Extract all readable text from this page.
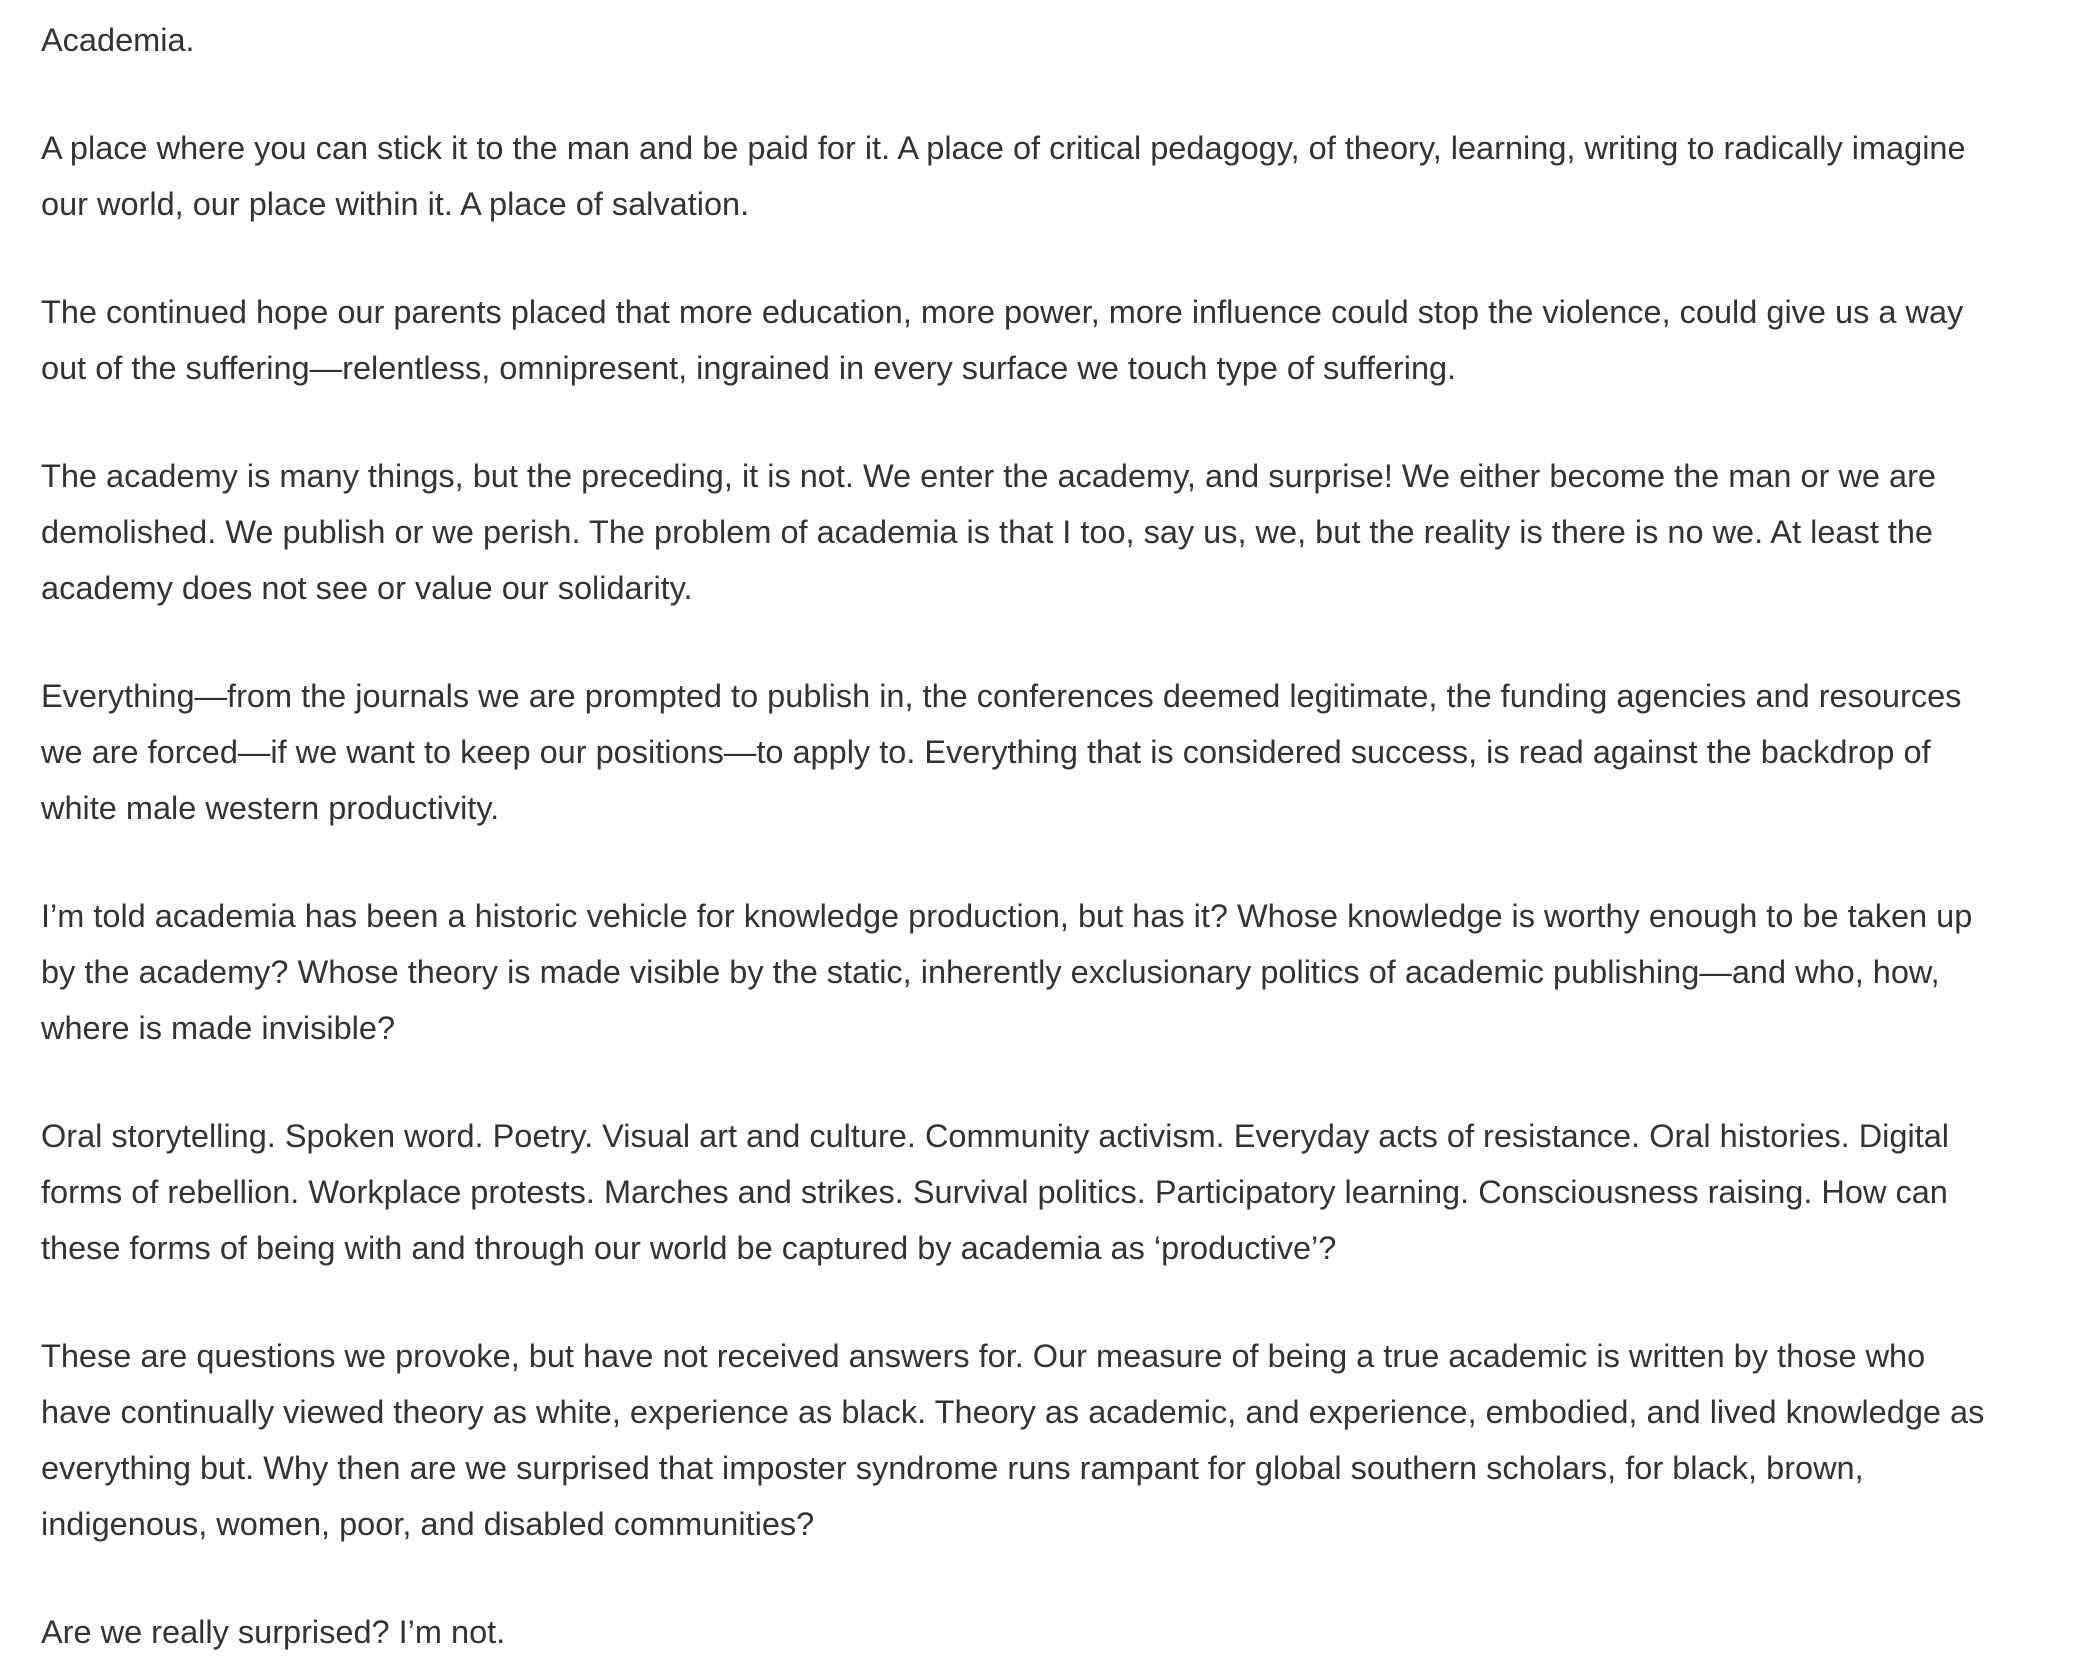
Academia.

A place where you can stick it to the man and be paid for it. A place of critical pedagogy, of theory, learning, writing to radically imagine our world, our place within it. A place of salvation.

The continued hope our parents placed that more education, more power, more influence could stop the violence, could give us a way out of the suffering—relentless, omnipresent, ingrained in every surface we touch type of suffering.

The academy is many things, but the preceding, it is not. We enter the academy, and surprise! We either become the man or we are demolished. We publish or we perish. The problem of academia is that I too, say us, we, but the reality is there is no we. At least the academy does not see or value our solidarity.

Everything—from the journals we are prompted to publish in, the conferences deemed legitimate, the funding agencies and resources we are forced—if we want to keep our positions—to apply to. Everything that is considered success, is read against the backdrop of white male western productivity.

I’m told academia has been a historic vehicle for knowledge production, but has it? Whose knowledge is worthy enough to be taken up by the academy? Whose theory is made visible by the static, inherently exclusionary politics of academic publishing—and who, how, where is made invisible?

Oral storytelling. Spoken word. Poetry. Visual art and culture. Community activism. Everyday acts of resistance. Oral histories. Digital forms of rebellion. Workplace protests. Marches and strikes. Survival politics. Participatory learning. Consciousness raising. How can these forms of being with and through our world be captured by academia as ‘productive’?

These are questions we provoke, but have not received answers for. Our measure of being a true academic is written by those who have continually viewed theory as white, experience as black. Theory as academic, and experience, embodied, and lived knowledge as everything but. Why then are we surprised that imposter syndrome runs rampant for global southern scholars, for black, brown, indigenous, women, poor, and disabled communities?

Are we really surprised? I’m not.
